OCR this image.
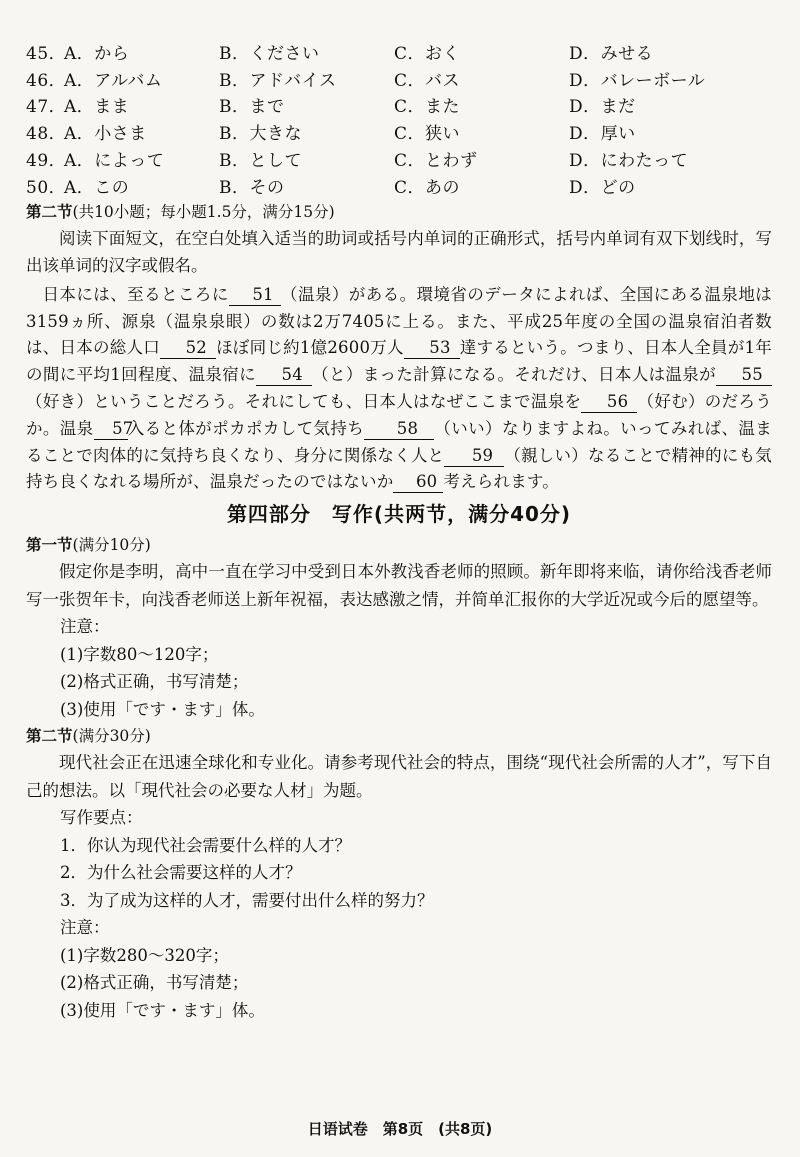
45．
A．から	B．ください	C．おく	D．みせる
46．
A．アルバム	B．アドバイス	C．バス	D．バレーボール
47．
A．まま	B．まで	C．また	D．まだ
48．
A．小さま	B．大きな	C．狭い	D．厚い
49．
A．によって	B．として	C．とわず	D．にわたって
50．
A．この	B．その	C．あの	D．どの
第二节(共10小题；每小题1.5分，满分15分)

阅读下面短文，在空白处填入适当的助词或括号内单词的正确形式，括号内单词有双下划线时，写出该单词的汉字或假名。

日本には、至るところに 51 （温泉）がある。環境省のデータによれば、全国にある温泉地は3159ヵ所、源泉（温泉泉眼）の数は2万7405に上る。また、平成25年度の全国の温泉宿泊者数は、日本の総人口 52 ほぼ同じ約1億2600万人 53 達するという。つまり、日本人全員が1年の間に平均1回程度、温泉宿に 54 （と）まった計算になる。それだけ、日本人は温泉が 55（好き）ということだろう。それにしても、日本人はなぜここまで温泉を 56 （好む）のだろうか。温泉 57入ると体がポカポカして気持ち 58 （いい）なりますよね。いってみれば、温まることで肉体的に気持ち良くなり、身分に関係なく人と 59 （親しい）なることで精神的にも気持ち良くなれる場所が、温泉だったのではないか 60 考えられます。

第四部分　写作(共两节，满分40分)
第一节(满分10分)

假定你是李明，高中一直在学习中受到日本外教浅香老师的照顾。新年即将来临，请你给浅香老师写一张贺年卡，向浅香老师送上新年祝福，表达感激之情，并简单汇报你的大学近况或今后的愿望等。

注意：
(1)字数80～120字；
(2)格式正确，书写清楚；
(3)使用「です・ます」体。
第二节(满分30分)

现代社会正在迅速全球化和专业化。请参考现代社会的特点，围绕“现代社会所需的人才”，写下自己的想法。以「現代社会の必要な人材」为题。

写作要点：
1．你认为现代社会需要什么样的人才？
2．为什么社会需要这样的人才？
3．为了成为这样的人才，需要付出什么样的努力？
注意：
(1)字数280～320字；
(2)格式正确，书写清楚；
(3)使用「です・ます」体。
日语试卷　第8页　(共8页)
